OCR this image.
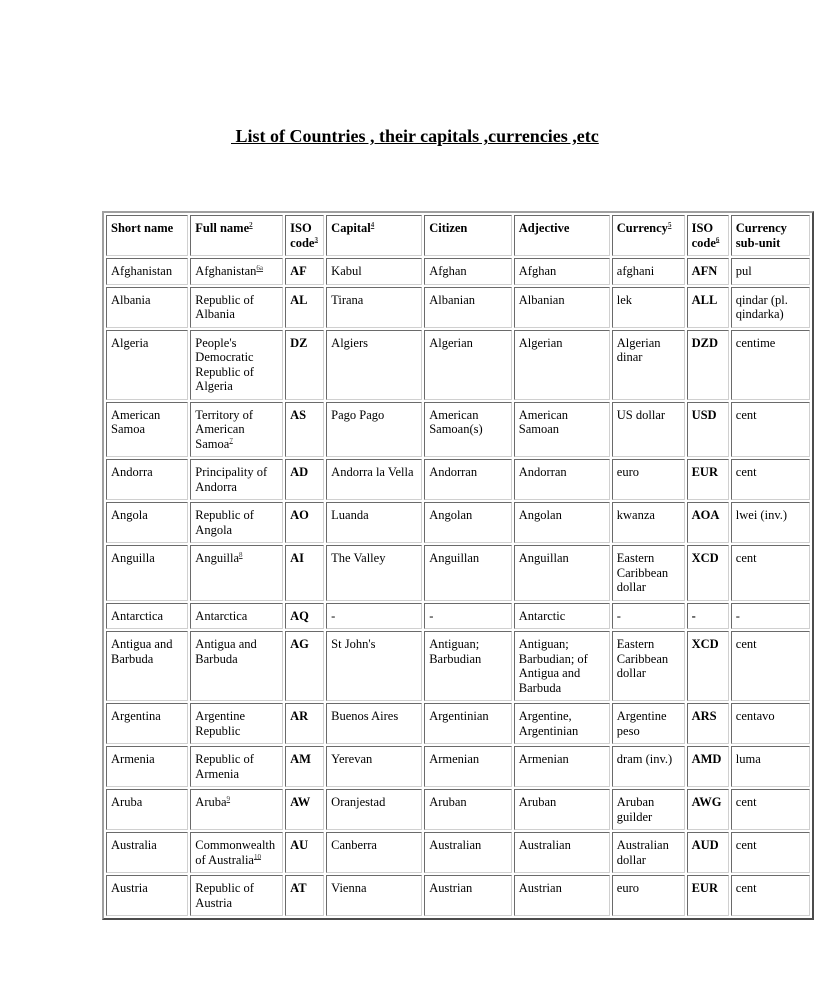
List of Countries , their capitals ,currencies ,etc
Short name	Full name$^2$	ISO code$^3$	Capital$^4$	Citizen	Adjective	Currency$^5$	ISO code$^6$	Currency sub-unit
Afghanistan	Afghanistan$^{6a}$	AF	Kabul	Afghan	Afghan	afghani	AFN	pul
Albania	Republic of Albania	AL	Tirana	Albanian	Albanian	lek	ALL	qindar (pl. qindarka)
Algeria	People's Democratic Republic of Algeria	DZ	Algiers	Algerian	Algerian	Algerian dinar	DZD	centime
American Samoa	Territory of American Samoa$^7$	AS	Pago Pago	American Samoan(s)	American Samoan	US dollar	USD	cent
Andorra	Principality of Andorra	AD	Andorra la Vella	Andorran	Andorran	euro	EUR	cent
Angola	Republic of Angola	AO	Luanda	Angolan	Angolan	kwanza	AOA	lwei (inv.)
Anguilla	Anguilla$^8$	AI	The Valley	Anguillan	Anguillan	Eastern Caribbean dollar	XCD	cent
Antarctica	Antarctica	AQ	-	-	Antarctic	-	-	-
Antigua and Barbuda	Antigua and Barbuda	AG	St John's	Antiguan; Barbudian	Antiguan; Barbudian; of Antigua and Barbuda	Eastern Caribbean dollar	XCD	cent
Argentina	Argentine Republic	AR	Buenos Aires	Argentinian	Argentine, Argentinian	Argentine peso	ARS	centavo
Armenia	Republic of Armenia	AM	Yerevan	Armenian	Armenian	dram (inv.)	AMD	luma
Aruba	Aruba$^9$	AW	Oranjestad	Aruban	Aruban	Aruban guilder	AWG	cent
Australia	Commonwealth of Australia$^{10}$	AU	Canberra	Australian	Australian	Australian dollar	AUD	cent
Austria	Republic of Austria	AT	Vienna	Austrian	Austrian	euro	EUR	cent
